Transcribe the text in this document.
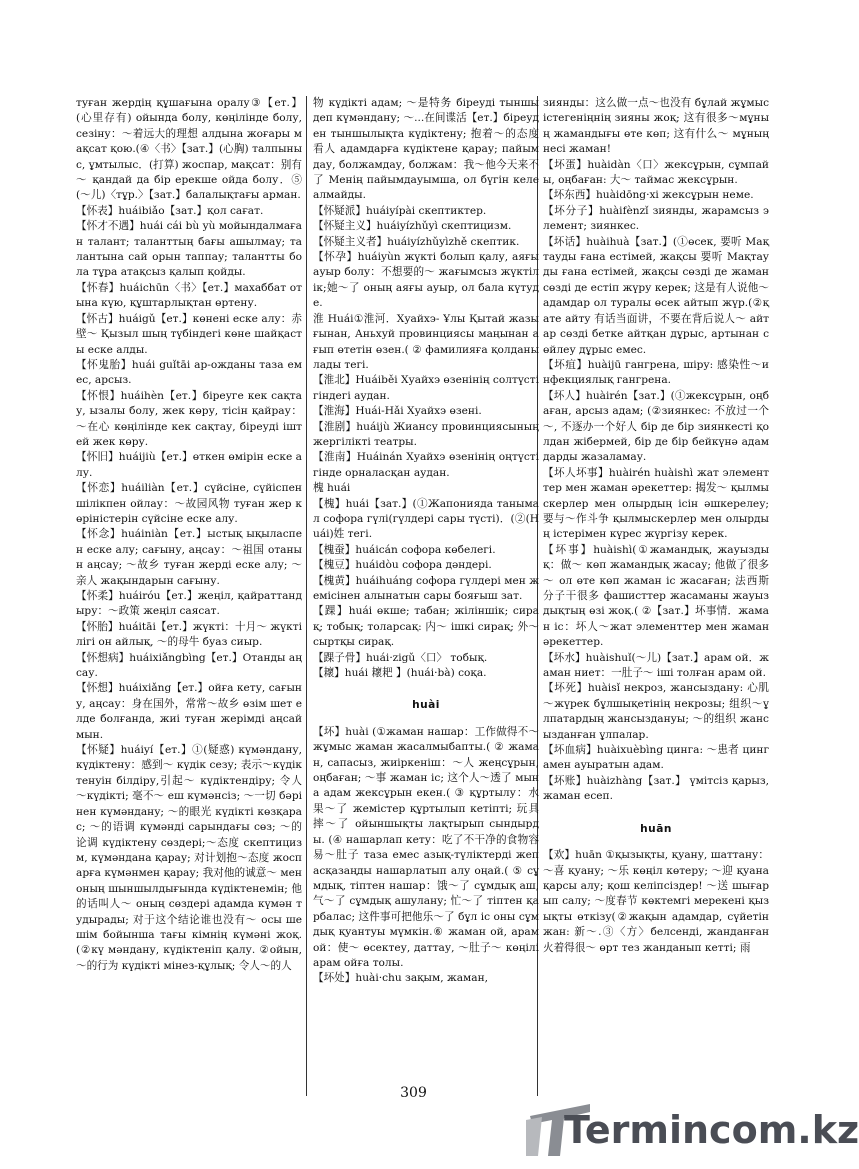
туған жердің құшағына оралу③【ет.】(心里存有) ойында болу, көңілінде болу, сезіну：～着远大的理想 алдына жоғары мақсат қою.(④〈书〉【зат.】(心胸) талпыныс, ұмтылыс．(打算) жоспар, мақсат：别有～ қандай да бір ерекше ойда болу．⑤(～儿)〈тұр.〉【зат.】балалықтағы арман.

【怀表】huáibiǎo【зат.】қол сағат.

【怀才不遇】huái cái bù yù мойындалмаған талант; таланттың бағы ашылмау; талантына сай орын таппау; талантты бола тұра атақсыз қалып қойды.

【怀春】huáichūn〈书〉【ет.】махаббат отына күю, құштарлықтан өртену.

【怀古】huáigǔ【ет.】көнені еске алу：赤壁～ Қызыл шың түбіндегі көне шайқасты еске алды.

【怀鬼胎】huái guǐtāi ар-ожданы таза емес, арсыз.

【怀恨】huáihèn【ет.】біреуге кек сақтау, ызалы болу, жек көру, тісін қайрау：～在心 көңілінде кек сақтау, біреуді іштей жек көру.

【怀旧】huáijiù【ет.】өткен өмірін еске алу.

【怀恋】huáiliàn【ет.】сүйсіне, сүйіспеншілікпен ойлау：～故园风物 туған жер көріністерін сүйсіне еске алу.

【怀念】huáiniàn【ет.】ыстық ықыласпен еске алу; сағыну, аңсау：～祖国 отанын аңсау; ～故乡 туған жерді еске алу; ～亲人 жақындарын сағыну.

【怀柔】huáiróu【ет.】жеңіл, қайраттандыру：～政策 жеңіл саясат.

【怀胎】huáitāi【ет.】жүкті：十月～ жүктілігі он айлық, ～的母牛 буаз сиыр.

【怀想病】huáixiǎngbìng【ет.】Отанды аңсау.

【怀想】huáixiǎng【ет.】ойға кету, сағыну, аңсау：身在国外，常常～故乡 өзім шет елде болғанда, жиі туған жерімді аңсаймын.

【怀疑】huáiyí【ет.】①(疑惑) күмәндану, күдіктену：感到～ күдік сезу; 表示～күдіктенуін білдіру,引起～ күдіктендіру; 令人～күдікті; 毫不～ еш күмәнсіз; ～一切 бәрінен күмәндану; ～的眼光 күдікті көзқарас; ～的语调 күмәнді сарындағы сөз; ～的论调 күдіктену сөздері;～态度 скептицизм, күмәндана қарау; 对计划抱～态度 жоспарға күмәнмен қарау; 我对他的诚意～ мен оның шыншылдығында күдіктенемін; 他的话叫人～ оның сөздері адамда күмән тудырады; 对于这个结论谁也没有～ осы шешім бойынша тағы кімнің күмәні жоқ.(②кү мәндану, күдіктеніп қалу. ②ойын, ～的行为 күдікті мінез-құлық; 令人～的人

物 күдікті адам; ～是特务 біреуді тыншы деп күмәндану; ～...在间谍活【ет.】біреуден тыншылықта күдіктену; 抱着～的态度看人 адамдарға күдіктене қарау; пайымдау, болжамдау, болжам：我～他今天来不了 Менің пайымдауымша, ол бүгін келе алмайды.

【怀疑派】huáiyípài скептиктер.

【怀疑主义】huáiyízhǔyì скептицизм.

【怀疑主义者】huáiyízhǔyìzhě скептик.

【怀孕】huáiyùn жүкті болып қалу, аяғы ауыр болу：不想要的～ жағымсыз жүктілік;她～了 оның аяғы ауыр, ол бала күтуде.

淮 Huái①淮河．Хуайхэ- Ұлы Қытай жазығынан, Аньхуй провинциясы маңынан ағып өтетін өзен.( ② фамилияға қолданылады тегі.

【淮北】Huáiběi Хуайхэ өзенінің солтүстігіндегі аудан.

【淮海】Huái-Hǎi Хуайхэ өзені.

【淮剧】huáijù Жиансу провинциясының жергілікті театры.

【淮南】Huáinán Хуайхэ өзенінің оңтүстігінде орналасқан аудан.

槐 huái

【槐】huái【зат.】(①Жапонияда танымал софора гүлі(гүлдері сары түсті)．(②(Huái)姓 тегі.

【槐蚕】huáicán софора көбелегі.

【槐豆】huáidòu софора дәндері.

【槐黄】huáihuáng софора гүлдері мен жемісінен алынатын сары бояғыш зат.

【踝】huái өкше; табан; жіліншік; сирақ; тобық; толарсақ: 内～ ішкі сирақ; 外～ сыртқы сирақ.

【踝子骨】huái·zigǔ〈口〉 тобық.

【耲】huái 耲耙 】(huái·bà) соқа.

huài

【坏】huài (①жаман нашар：工作做得不～ жұмыс жаман жасалмыбапты.( ② жаман, сапасыз, жиіркеніш：～人 жеңсұрын, оңбаған; ～事 жаман іс; 这个人～透了 мына адам жексұрын екен.( ③ құртылу：水果～了 жемістер құртылып кетіпті; 玩具摔～了 ойыншықты лақтырып сындырды. (④ нашарлап кету：吃了不干净的食物容易～肚子 таза емес азық-түліктерді жеп асқазаңды нашарлатып алу оңай.( ⑤ сұмдық, тіптен нашар：饿～了 сұмдық аш, 气～了 сұмдық ашулану; 忙～了 тіптен қарбалас; 这件事可把他乐～了 бұл іс оны сұмдық қуантуы мүмкін.⑥ жаман ой, арам ой：使～ өсектеу, даттау, ～肚子～ көңілі арам ойға толы.

【坏处】huài·chu зақым, жаман,

зиянды：这么做一点～也没有 бұлай жұмыс істегеніңнің зияны жоқ; 这有很多～мұның жамандығы өте көп; 这有什么～ мұның несі жаман!

【坏蛋】huàidàn〈口〉жексұрын, сұмпайы, оңбаған: 大～ таймас жексұрын.

【坏东西】huàidōng·xi жексұрын неме.

【坏分子】huàifènzǐ зиянды, жарамсыз элемент; зиянкес.

【坏话】huàihuà【зат.】(①өсек, 要听 Мақтауды ғана естімей, жақсы 要听 Мақтауды ғана естімей, жақсы сөзді де жаман сөзді де естіп жүру керек; 这是有人说他～ адамдар ол туралы өсек айтып жүр.(②қате айту 有话当面讲，不要在背后说人～ айтар сөзді бетке айтқан дұрыс, артынан сөйлеу дұрыс емес.

【坏疽】huàijū гангрена, шіру: 感染性～инфекциялық гангрена.

【坏人】huàirén【зат.】(①жексұрын, оңбаған, арсыз адам; (②зиянкес: 不放过一个～, 不逐办一个好人 бір де бір зиянкесті қолдан жібермей, бір де бір бейкүнә адамдарды жазаламау.

【坏人坏事】huàirén huàishì жат элементтер мен жаман әрекеттер: 揭发～ қылмыскерлер мен олырдың ісін әшкерелеу; 要与～作斗争 қылмыскерлер мен олырдың істерімен күрес жүргізу керек.

【坏事】huàishì(①жамандық, жауыздық：做～ көп жамандық жасау; 他做了很多～ ол өте көп жаман іс жасаған; 法西斯分子干很多 фашисттер жасаманы жауыздықтың өзі жоқ.( ②【зат.】坏事情．жаман іс：坏人～жат элементтер мен жаман әрекеттер.

【坏水】huàishuǐ(～儿)【зат.】арам ой．жаман ниет：一肚子～ іші толған арам ой.

【坏死】huàisǐ некроз, жансыздану: 心肌～жүрек бұлшықетінің некрозы; 组织～ұлпатардың жансыздануы; ～的组织 жансызданған ұлпалар.

【坏血病】huàixuèbìng цинга: ～患者 цингамен ауыратын адам.

【坏账】huàizhàng【зат.】 үмітсіз қарыз, жаман есеп.

huān

【欢】huān ①қызықты, қуану, шаттану：～喜 қуану; ～乐 көңіл көтеру; ～迎 қуана қарсы алу; қош келіпсіздер! ～送 шығарып салу; ～度春节 көктемгі мерекені қызықты өткізу(②жақын адамдар, сүйетін жан: 新～.③〈方〉белсенді, жанданған 火着得很～ өрт тез жанданып кетті; 雨

309
Termincom.kz
